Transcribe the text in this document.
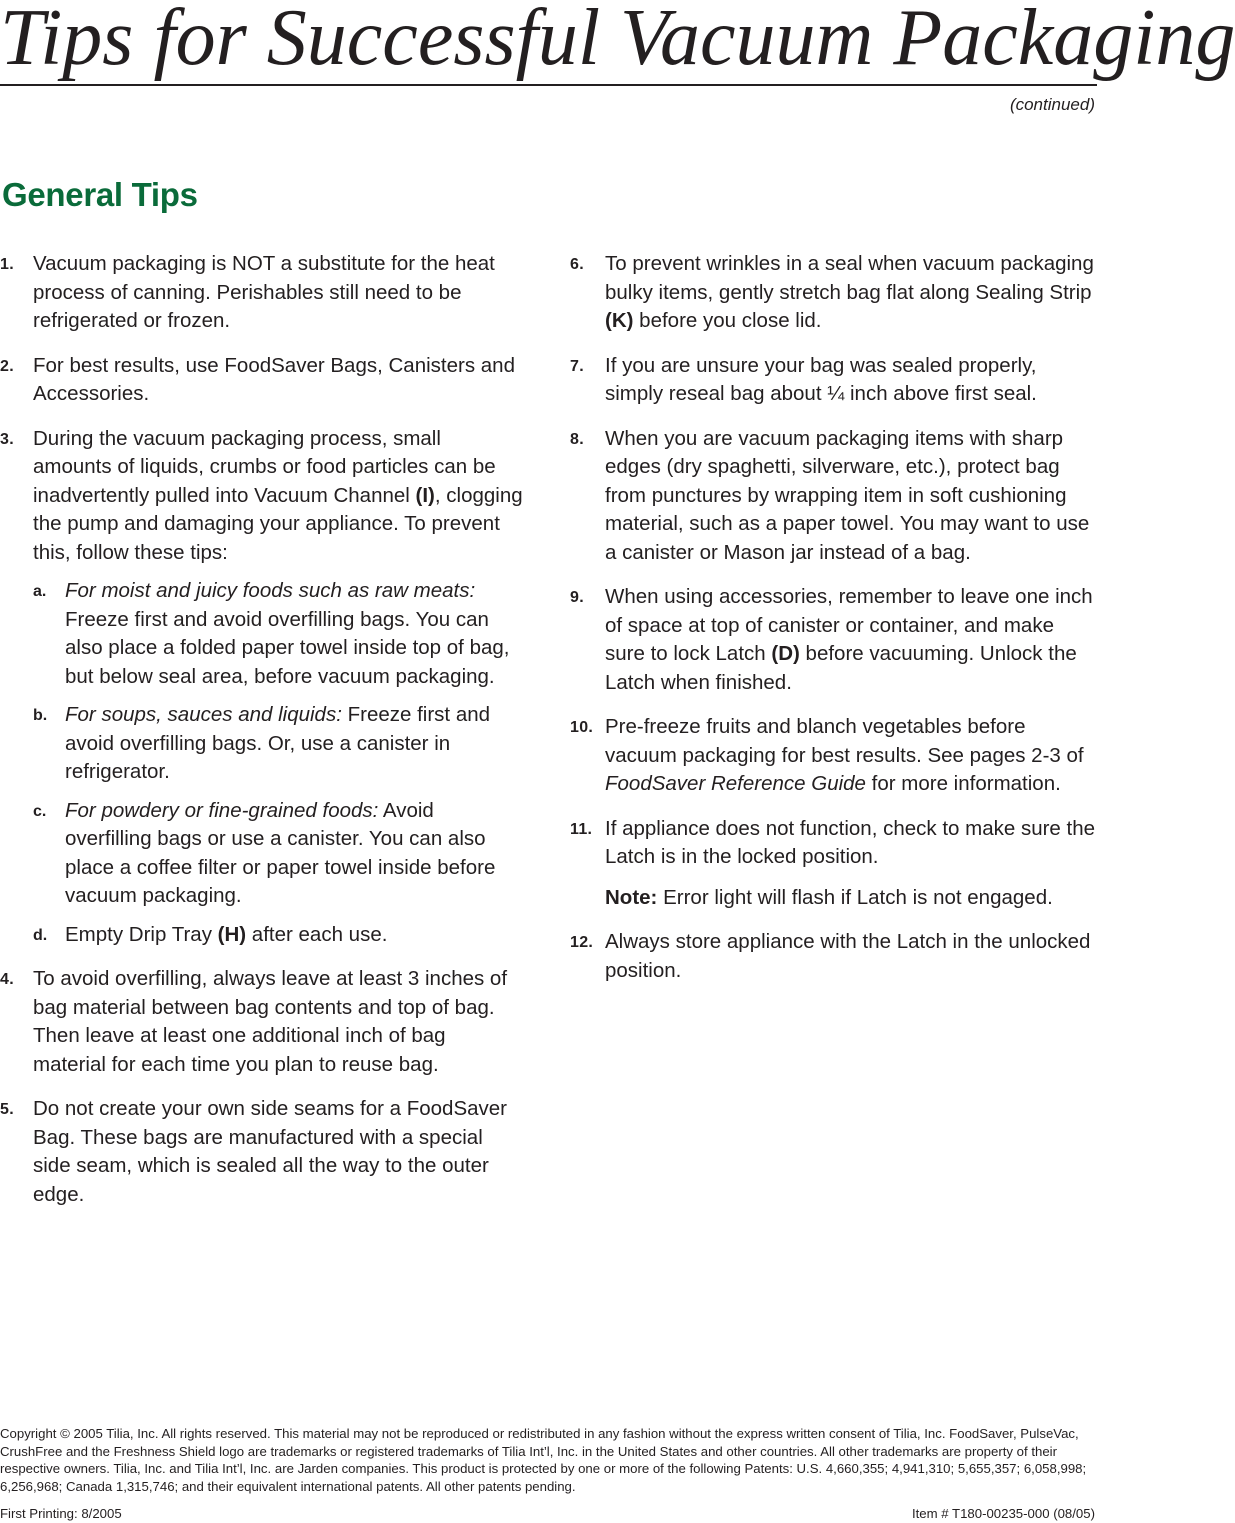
Tips for Successful Vacuum Packaging
(continued)
General Tips
1. Vacuum packaging is NOT a substitute for the heat process of canning. Perishables still need to be refrigerated or frozen.
2. For best results, use FoodSaver Bags, Canisters and Accessories.
3. During the vacuum packaging process, small amounts of liquids, crumbs or food particles can be inadvertently pulled into Vacuum Channel (I), clogging the pump and damaging your appliance. To prevent this, follow these tips:
a. For moist and juicy foods such as raw meats: Freeze first and avoid overfilling bags. You can also place a folded paper towel inside top of bag, but below seal area, before vacuum packaging.
b. For soups, sauces and liquids: Freeze first and avoid overfilling bags. Or, use a canister in refrigerator.
c. For powdery or fine-grained foods: Avoid overfilling bags or use a canister. You can also place a coffee filter or paper towel inside before vacuum packaging.
d. Empty Drip Tray (H) after each use.
4. To avoid overfilling, always leave at least 3 inches of bag material between bag contents and top of bag. Then leave at least one additional inch of bag material for each time you plan to reuse bag.
5. Do not create your own side seams for a FoodSaver Bag. These bags are manufactured with a special side seam, which is sealed all the way to the outer edge.
6. To prevent wrinkles in a seal when vacuum packaging bulky items, gently stretch bag flat along Sealing Strip (K) before you close lid.
7. If you are unsure your bag was sealed properly, simply reseal bag about ¼ inch above first seal.
8. When you are vacuum packaging items with sharp edges (dry spaghetti, silverware, etc.), protect bag from punctures by wrapping item in soft cushioning material, such as a paper towel. You may want to use a canister or Mason jar instead of a bag.
9. When using accessories, remember to leave one inch of space at top of canister or container, and make sure to lock Latch (D) before vacuuming. Unlock the Latch when finished.
10. Pre-freeze fruits and blanch vegetables before vacuum packaging for best results. See pages 2-3 of FoodSaver Reference Guide for more information.
11. If appliance does not function, check to make sure the Latch is in the locked position.
Note: Error light will flash if Latch is not engaged.
12. Always store appliance with the Latch in the unlocked position.
Copyright © 2005 Tilia, Inc. All rights reserved. This material may not be reproduced or redistributed in any fashion without the express written consent of Tilia, Inc. FoodSaver, PulseVac, CrushFree and the Freshness Shield logo are trademarks or registered trademarks of Tilia Int’l, Inc. in the United States and other countries. All other trademarks are property of their respective owners. Tilia, Inc. and Tilia Int’l, Inc. are Jarden companies. This product is protected by one or more of the following Patents: U.S. 4,660,355; 4,941,310; 5,655,357; 6,058,998; 6,256,968; Canada 1,315,746; and their equivalent international patents. All other patents pending.
First Printing: 8/2005	Item # T180-00235-000 (08/05)
